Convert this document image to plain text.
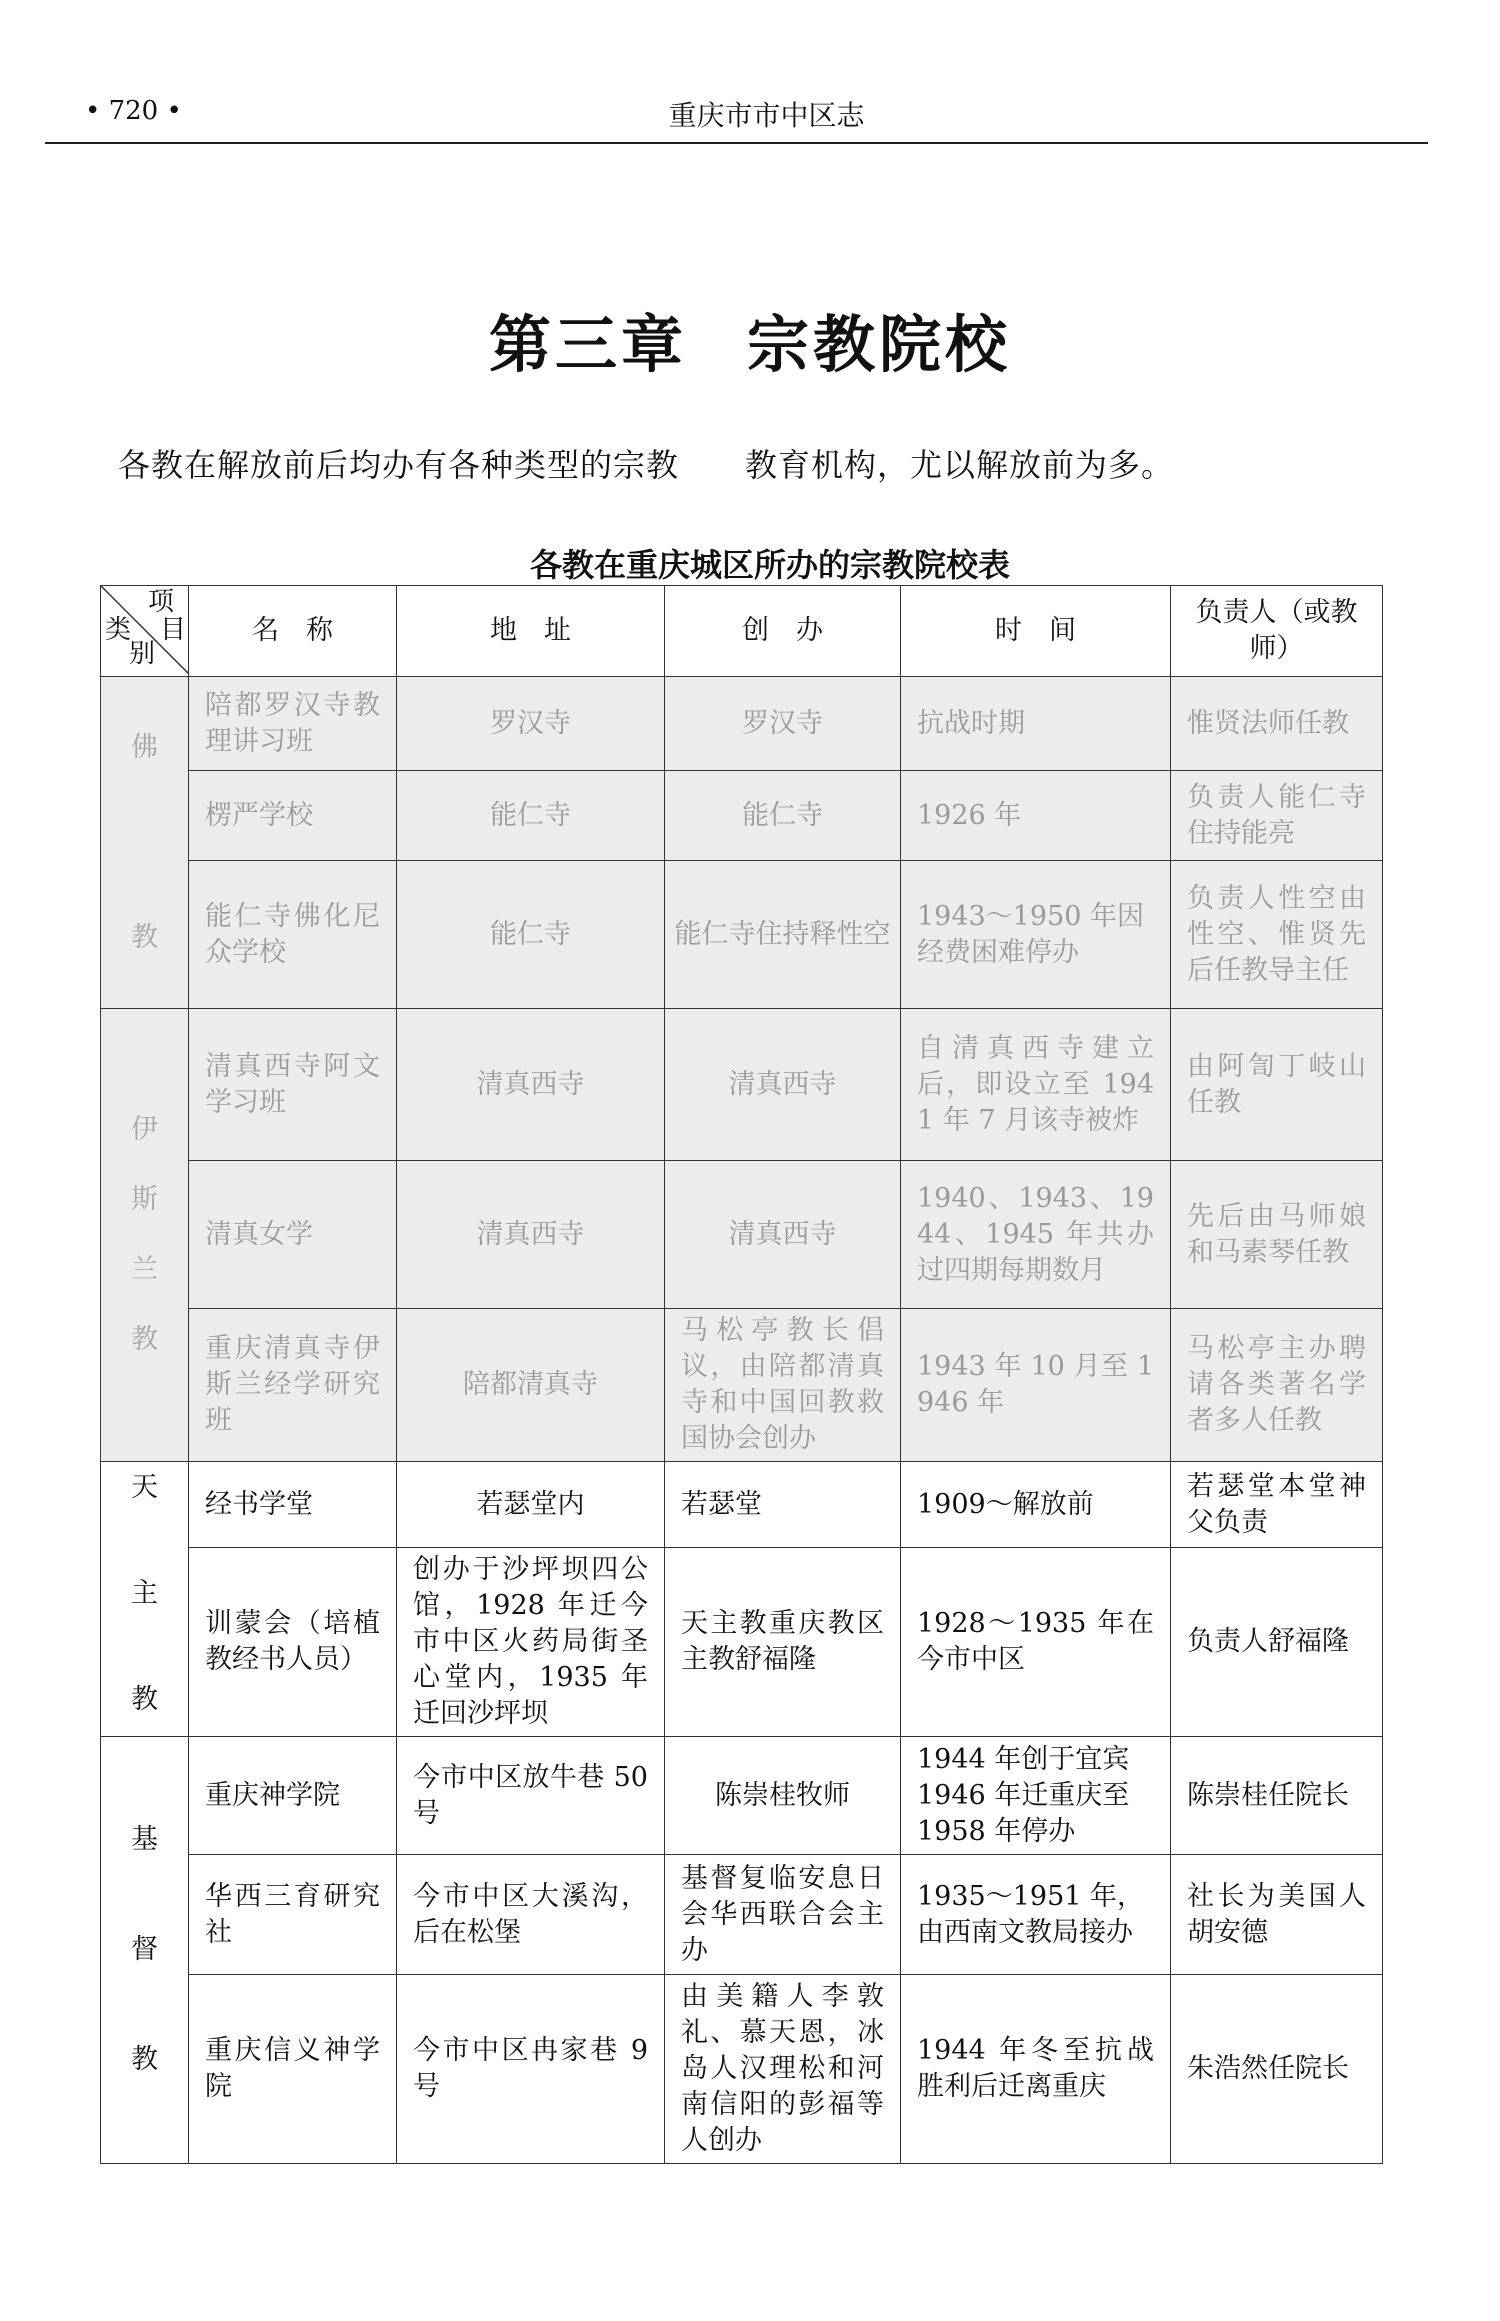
• 720 •	重庆市市中区志
第三章 宗教院校
各教在解放前后均办有各种类型的宗教 教育机构，尤以解放前为多。
各教在重庆城区所办的宗教院校表
项
目
类
别	名　称	地　址	创　办	时　间	负责人（或教师）

佛
教	陪都罗汉寺教理讲习班	罗汉寺	罗汉寺	抗战时期	惟贤法师任教
	楞严学校	能仁寺	能仁寺	1926 年	负责人能仁寺住持能亮
	能仁寺佛化尼众学校	能仁寺	能仁寺住持释性空	1943～1950 年因经费困难停办	负责人性空由性空、惟贤先后任教导主任

伊
斯
兰
教	清真西寺阿文学习班	清真西寺	清真西寺	自清真西寺建立后，即设立至 1941 年 7 月该寺被炸	由阿訇丁岐山任教
	清真女学	清真西寺	清真西寺	1940、1943、1944、1945 年共办过四期每期数月	先后由马师娘和马素琴任教
	重庆清真寺伊斯兰经学研究班	陪都清真寺	马松亭教长倡议，由陪都清真寺和中国回教救国协会创办	1943 年 10 月至 1946 年	马松亭主办聘请各类著名学者多人任教

天
主
教	经书学堂	若瑟堂内	若瑟堂	1909～解放前	若瑟堂本堂神父负责
	训蒙会（培植教经书人员）	创办于沙坪坝四公馆，1928 年迁今市中区火药局街圣心堂内，1935 年迁回沙坪坝	天主教重庆教区主教舒福隆	1928～1935 年在今市中区	负责人舒福隆

基
督
教	重庆神学院	今市中区放牛巷 50 号	陈崇桂牧师	1944 年创于宜宾 1946 年迁重庆至 1958 年停办	陈崇桂任院长
	华西三育研究社	今市中区大溪沟，后在松堡	基督复临安息日会华西联合会主办	1935～1951 年，由西南文教局接办	社长为美国人胡安德
	重庆信义神学院	今市中区冉家巷 9 号	由美籍人李敦礼、慕天恩，冰岛人汉理松和河南信阳的彭福等人创办	1944 年冬至抗战胜利后迁离重庆	朱浩然任院长
